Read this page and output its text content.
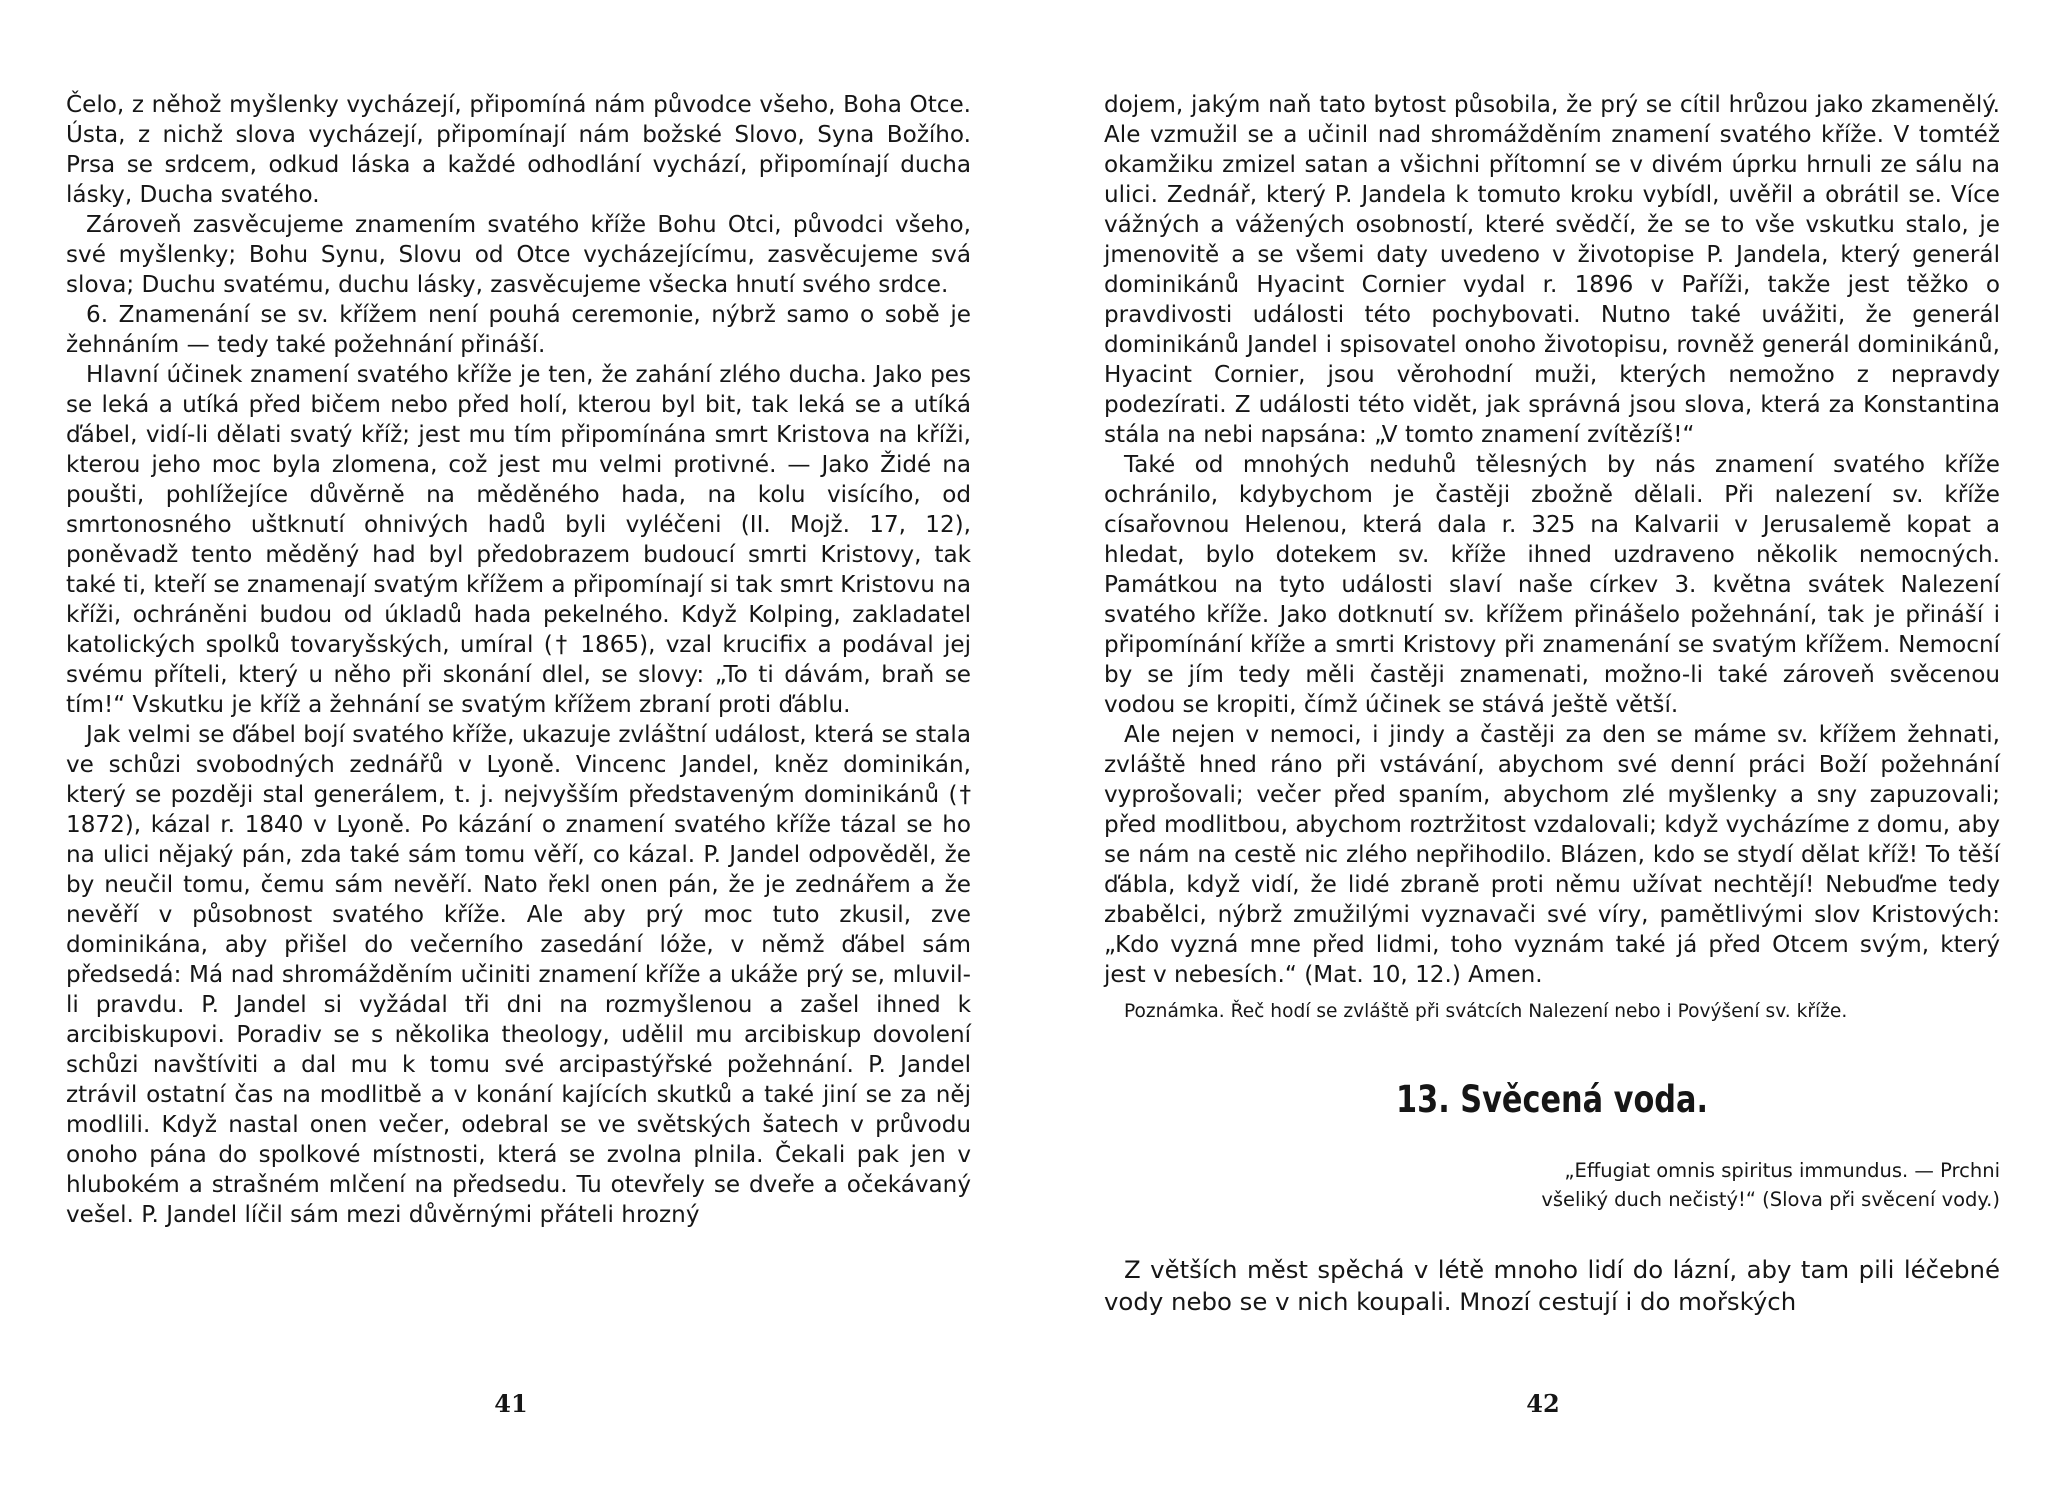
Čelo, z něhož myšlenky vycházejí, připomíná nám původce všeho, Boha Otce. Ústa, z nichž slova vycházejí, připomínají nám božské Slovo, Syna Božího. Prsa se srdcem, odkud láska a každé odhodlání vychází, připomínají ducha lásky, Ducha svatého.

Zároveň zasvěcujeme znamením svatého kříže Bohu Otci, původci všeho, své myšlenky; Bohu Synu, Slovu od Otce vycházejícímu, zasvěcujeme svá slova; Duchu svatému, duchu lásky, zasvěcujeme všecka hnutí svého srdce.

6. Znamenání se sv. křížem není pouhá ceremonie, nýbrž samo o sobě je žehnáním — tedy také požehnání přináší.

Hlavní účinek znamení svatého kříže je ten, že zahání zlého ducha. Jako pes se leká a utíká před bičem nebo před holí, kterou byl bit, tak leká se a utíká ďábel, vidí-li dělati svatý kříž; jest mu tím připomínána smrt Kristova na kříži, kterou jeho moc byla zlomena, což jest mu velmi protivné. — Jako Židé na poušti, pohlížejíce důvěrně na měděného hada, na kolu visícího, od smrtonosného uštknutí ohnivých hadů byli vyléčeni (II. Mojž. 17, 12), poněvadž tento měděný had byl předobrazem budoucí smrti Kristovy, tak také ti, kteří se znamenají svatým křížem a připomínají si tak smrt Kristovu na kříži, ochráněni budou od úkladů hada pekelného. Když Kolping, zakladatel katolických spolků tovaryšských, umíral († 1865), vzal krucifix a podával jej svému příteli, který u něho při skonání dlel, se slovy: „To ti dávám, braň se tím!“ Vskutku je kříž a žehnání se svatým křížem zbraní proti ďáblu.

Jak velmi se ďábel bojí svatého kříže, ukazuje zvláštní událost, která se stala ve schůzi svobodných zednářů v Lyoně. Vincenc Jandel, kněz dominikán, který se později stal generálem, t. j. nejvyšším představeným dominikánů († 1872), kázal r. 1840 v Lyoně. Po kázání o znamení svatého kříže tázal se ho na ulici nějaký pán, zda také sám tomu věří, co kázal. P. Jandel odpověděl, že by neučil tomu, čemu sám nevěří. Nato řekl onen pán, že je zednářem a že nevěří v působnost svatého kříže. Ale aby prý moc tuto zkusil, zve dominikána, aby přišel do večerního zasedání lóže, v němž ďábel sám předsedá: Má nad shromážděním učiniti znamení kříže a ukáže prý se, mluvil-li pravdu. P. Jandel si vyžádal tři dni na rozmyšlenou a zašel ihned k arcibiskupovi. Poradiv se s několika theology, udělil mu arcibiskup dovolení schůzi navštíviti a dal mu k tomu své arcipastýřské požehnání. P. Jandel ztrávil ostatní čas na modlitbě a v konání kajících skutků a také jiní se za něj modlili. Když nastal onen večer, odebral se ve světských šatech v průvodu onoho pána do spolkové místnosti, která se zvolna plnila. Čekali pak jen v hlubokém a strašném mlčení na předsedu. Tu otevřely se dveře a očekávaný vešel. P. Jandel líčil sám mezi důvěrnými přáteli hrozný

41

dojem, jakým naň tato bytost působila, že prý se cítil hrůzou jako zkamenělý. Ale vzmužil se a učinil nad shromážděním znamení svatého kříže. V tomtéž okamžiku zmizel satan a všichni přítomní se v divém úprku hrnuli ze sálu na ulici. Zednář, který P. Jandela k tomuto kroku vybídl, uvěřil a obrátil se. Více vážných a vážených osobností, které svědčí, že se to vše vskutku stalo, je jmenovitě a se všemi daty uvedeno v životopise P. Jandela, který generál dominikánů Hyacint Cornier vydal r. 1896 v Paříži, takže jest těžko o pravdivosti události této pochybovati. Nutno také uvážiti, že generál dominikánů Jandel i spisovatel onoho životopisu, rovněž generál dominikánů, Hyacint Cornier, jsou věrohodní muži, kterých nemožno z nepravdy podezírati. Z události této vidět, jak správná jsou slova, která za Konstantina stála na nebi napsána: „V tomto znamení zvítězíš!“

Také od mnohých neduhů tělesných by nás znamení svatého kříže ochránilo, kdybychom je častěji zbožně dělali. Při nalezení sv. kříže císařovnou Helenou, která dala r. 325 na Kalvarii v Jerusalemě kopat a hledat, bylo dotekem sv. kříže ihned uzdraveno několik nemocných. Památkou na tyto události slaví naše církev 3. května svátek Nalezení svatého kříže. Jako dotknutí sv. křížem přinášelo požehnání, tak je přináší i připomínání kříže a smrti Kristovy při znamenání se svatým křížem. Nemocní by se jím tedy měli častěji znamenati, možno-li také zároveň svěcenou vodou se kropiti, čímž účinek se stává ještě větší.

Ale nejen v nemoci, i jindy a častěji za den se máme sv. křížem žehnati, zvláště hned ráno při vstávání, abychom své denní práci Boží požehnání vyprošovali; večer před spaním, abychom zlé myšlenky a sny zapuzovali; před modlitbou, abychom roztržitost vzdalovali; když vycházíme z domu, aby se nám na cestě nic zlého nepřihodilo. Blázen, kdo se stydí dělat kříž! To těší ďábla, když vidí, že lidé zbraně proti němu užívat nechtějí! Nebuďme tedy zbabělci, nýbrž zmužilými vyznavači své víry, pamětlivými slov Kristových: „Kdo vyzná mne před lidmi, toho vyznám také já před Otcem svým, který jest v nebesích.“ (Mat. 10, 12.) Amen.

Poznámka. Řeč hodí se zvláště při svátcích Nalezení nebo i Povýšení sv. kříže.

13. Svěcená voda.
„Effugiat omnis spiritus immundus. — Prchni
všeliký duch nečistý!“ (Slova při svěcení vody.)

Z větších měst spěchá v létě mnoho lidí do lázní, aby tam pili léčebné vody nebo se v nich koupali. Mnozí cestují i do mořských

42
